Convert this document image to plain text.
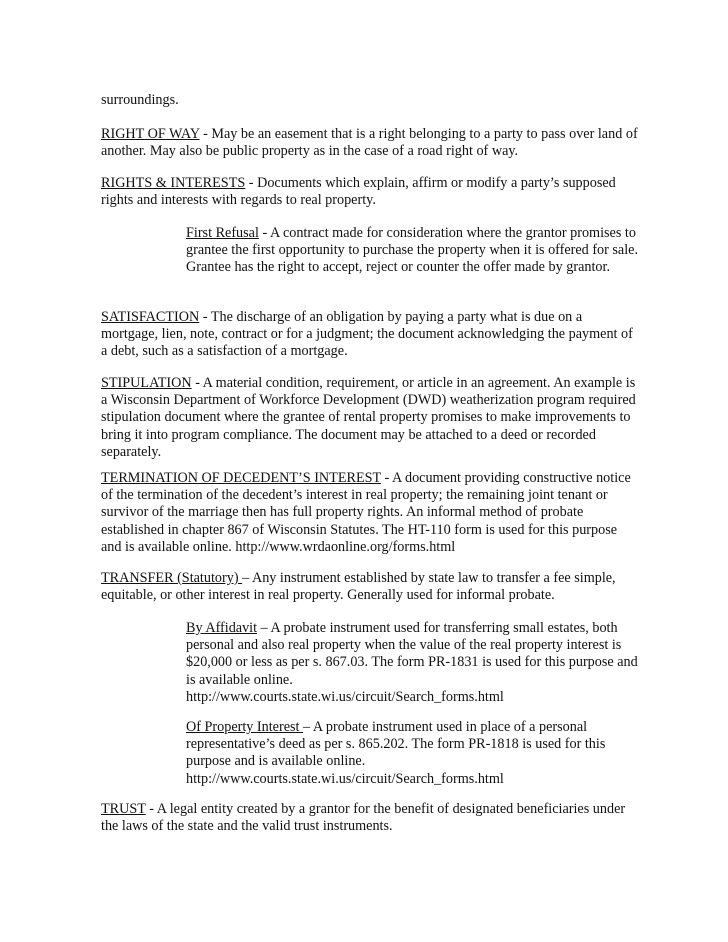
surroundings.

RIGHT OF WAY - May be an easement that is a right belonging to a party to pass over land of another. May also be public property as in the case of a road right of way.

RIGHTS & INTERESTS - Documents which explain, affirm or modify a party’s supposed rights and interests with regards to real property.

First Refusal - A contract made for consideration where the grantor promises to grantee the first opportunity to purchase the property when it is offered for sale. Grantee has the right to accept, reject or counter the offer made by grantor.

SATISFACTION - The discharge of an obligation by paying a party what is due on a mortgage, lien, note, contract or for a judgment; the document acknowledging the payment of a debt, such as a satisfaction of a mortgage.

STIPULATION - A material condition, requirement, or article in an agreement. An example is a Wisconsin Department of Workforce Development (DWD) weatherization program required stipulation document where the grantee of rental property promises to make improvements to bring it into program compliance. The document may be attached to a deed or recorded separately.

TERMINATION OF DECEDENT’S INTEREST - A document providing constructive notice of the termination of the decedent’s interest in real property; the remaining joint tenant or survivor of the marriage then has full property rights. An informal method of probate established in chapter 867 of Wisconsin Statutes. The HT-110 form is used for this purpose and is available online. http://www.wrdaonline.org/forms.html

TRANSFER (Statutory) – Any instrument established by state law to transfer a fee simple, equitable, or other interest in real property. Generally used for informal probate.

By Affidavit – A probate instrument used for transferring small estates, both personal and also real property when the value of the real property interest is $20,000 or less as per s. 867.03. The form PR-1831 is used for this purpose and is available online.
http://www.courts.state.wi.us/circuit/Search_forms.html

Of Property Interest – A probate instrument used in place of a personal representative’s deed as per s. 865.202. The form PR-1818 is used for this purpose and is available online.
http://www.courts.state.wi.us/circuit/Search_forms.html

TRUST - A legal entity created by a grantor for the benefit of designated beneficiaries under the laws of the state and the valid trust instruments.
